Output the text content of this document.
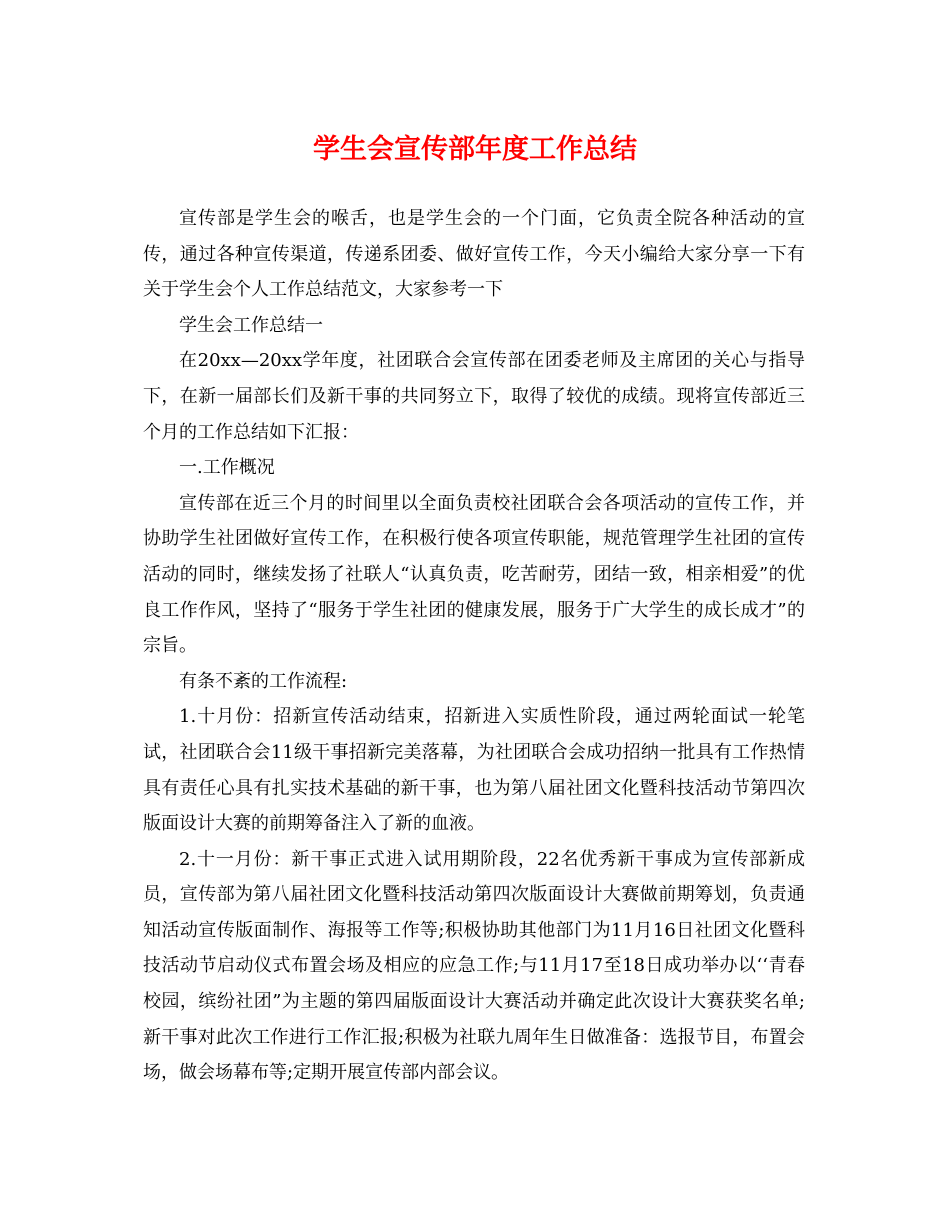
学生会宣传部年度工作总结

宣传部是学生会的喉舌，也是学生会的一个门面，它负责全院各种活动的宣传，通过各种宣传渠道，传递系团委、做好宣传工作，今天小编给大家分享一下有关于学生会个人工作总结范文，大家参考一下

学生会工作总结一

在20xx—20xx学年度，社团联合会宣传部在团委老师及主席团的关心与指导下，在新一届部长们及新干事的共同努立下，取得了较优的成绩。现将宣传部近三个月的工作总结如下汇报：

一.工作概况

宣传部在近三个月的时间里以全面负责校社团联合会各项活动的宣传工作，并协助学生社团做好宣传工作，在积极行使各项宣传职能，规范管理学生社团的宣传活动的同时，继续发扬了社联人“认真负责，吃苦耐劳，团结一致，相亲相爱”的优良工作作风，坚持了“服务于学生社团的健康发展，服务于广大学生的成长成才”的宗旨。

有条不紊的工作流程:

1.十月份：招新宣传活动结束，招新进入实质性阶段，通过两轮面试一轮笔试，社团联合会11级干事招新完美落幕，为社团联合会成功招纳一批具有工作热情具有责任心具有扎实技术基础的新干事，也为第八届社团文化暨科技活动节第四次版面设计大赛的前期筹备注入了新的血液。

2.十一月份：新干事正式进入试用期阶段，22名优秀新干事成为宣传部新成员，宣传部为第八届社团文化暨科技活动第四次版面设计大赛做前期筹划，负责通知活动宣传版面制作、海报等工作等;积极协助其他部门为11月16日社团文化暨科技活动节启动仪式布置会场及相应的应急工作;与11月17至18日成功举办以‘‘青春校园，缤纷社团”为主题的第四届版面设计大赛活动并确定此次设计大赛获奖名单;新干事对此次工作进行工作汇报;积极为社联九周年生日做准备：选报节目，布置会场，做会场幕布等;定期开展宣传部内部会议。
